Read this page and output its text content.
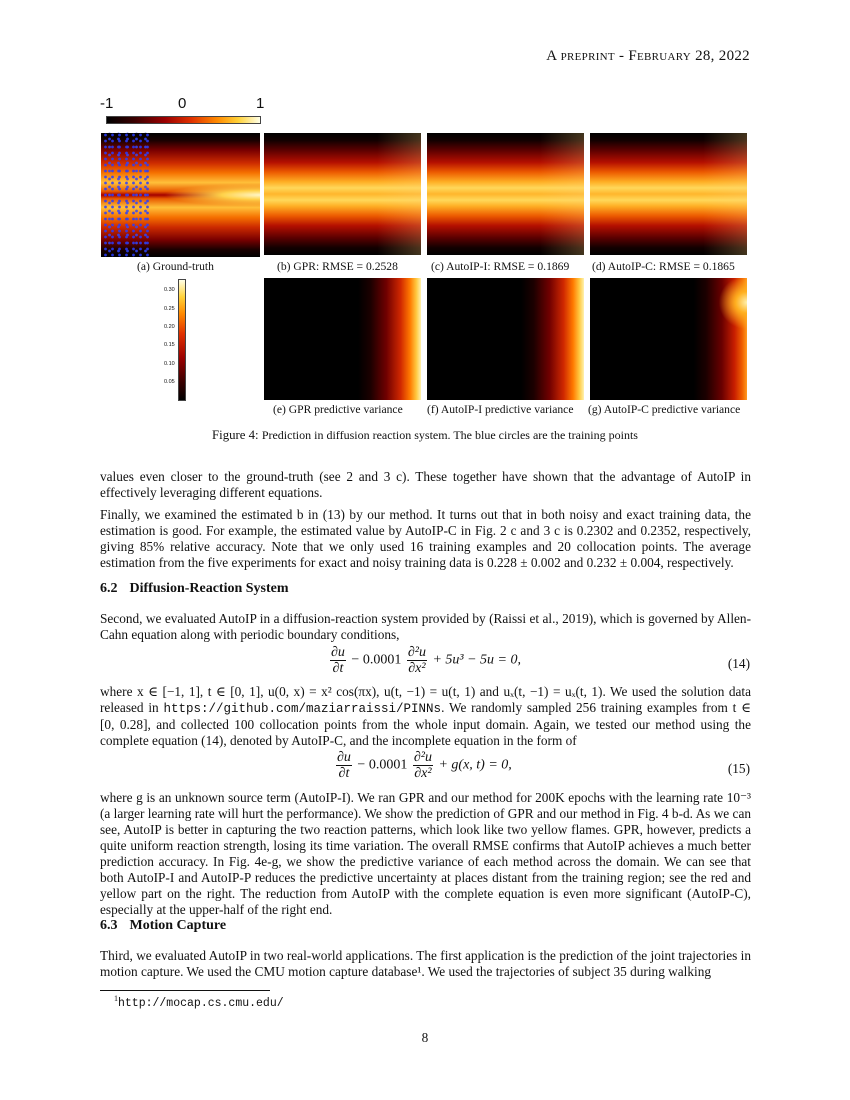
A preprint - February 28, 2022
-1	0	1
(a) Ground-truth	(b) GPR: RMSE = 0.2528	(c) AutoIP-I: RMSE = 0.1869 (d) AutoIP-C: RMSE = 0.1865
0.30
0.25
0.20
0.15
0.10
0.05
(e) GPR predictive variance (f) AutoIP-I predictive variance (g) AutoIP-C predictive variance
Figure 4: Prediction in diffusion reaction system. The blue circles are the training points
values even closer to the ground-truth (see 2 and 3 c). These together have shown that the advantage of AutoIP in effectively leveraging different equations.
Finally, we examined the estimated b in (13) by our method. It turns out that in both noisy and exact training data, the estimation is good. For example, the estimated value by AutoIP-C in Fig. 2 c and 3 c is 0.2302 and 0.2352, respectively, giving 85% relative accuracy. Note that we only used 16 training examples and 20 collocation points. The average estimation from the five experiments for exact and noisy training data is 0.228 ± 0.002 and 0.232 ± 0.004, respectively.
6.2 Diffusion-Reaction System
Second, we evaluated AutoIP in a diffusion-reaction system provided by (Raissi et al., 2019), which is governed by Allen-Cahn equation along with periodic boundary conditions,
$\frac{\partial u}{\partial t} - 0.0001 \frac{\text{∂²u}}{\text{∂x²}} + 5u^3 - 5u = 0$,	(14)
where x ∈ [−1, 1], t ∈ [0, 1], u(0, x) = x² cos(πx), u(t, −1) = u(t, 1) and uₓ(t, −1) = uₓ(t, 1). We used the solution data released in https://github.com/maziarraissi/PINNs. We randomly sampled 256 training examples from t ∈ [0, 0.28], and collected 100 collocation points from the whole input domain. Again, we tested our method using the complete equation (14), denoted by AutoIP-C, and the incomplete equation in the form of
$\frac{\partial u}{\partial t} - 0.0001 \frac{\text{∂²u}}{\text{∂x²}} + g(x$, t) = 0,	(15)
where g is an unknown source term (AutoIP-I). We ran GPR and our method for 200K epochs with the learning rate 10⁻³ (a larger learning rate will hurt the performance). We show the prediction of GPR and our method in Fig. 4 b-d. As we can see, AutoIP is better in capturing the two reaction patterns, which look like two yellow flames. GPR, however, predicts a quite uniform reaction strength, losing its time variation. The overall RMSE confirms that AutoIP achieves a much better prediction accuracy. In Fig. 4e-g, we show the predictive variance of each method across the domain. We can see that both AutoIP-I and AutoIP-P reduces the predictive uncertainty at places distant from the training region; see the red and yellow part on the right. The reduction from AutoIP with the complete equation is even more significant (AutoIP-C), especially at the upper-half of the right end.
6.3 Motion Capture
Third, we evaluated AutoIP in two real-world applications. The first application is the prediction of the joint trajectories in motion capture. We used the CMU motion capture database¹. We used the trajectories of subject 35 during walking
$^1$http://mocap.cs.cmu.edu/
8
